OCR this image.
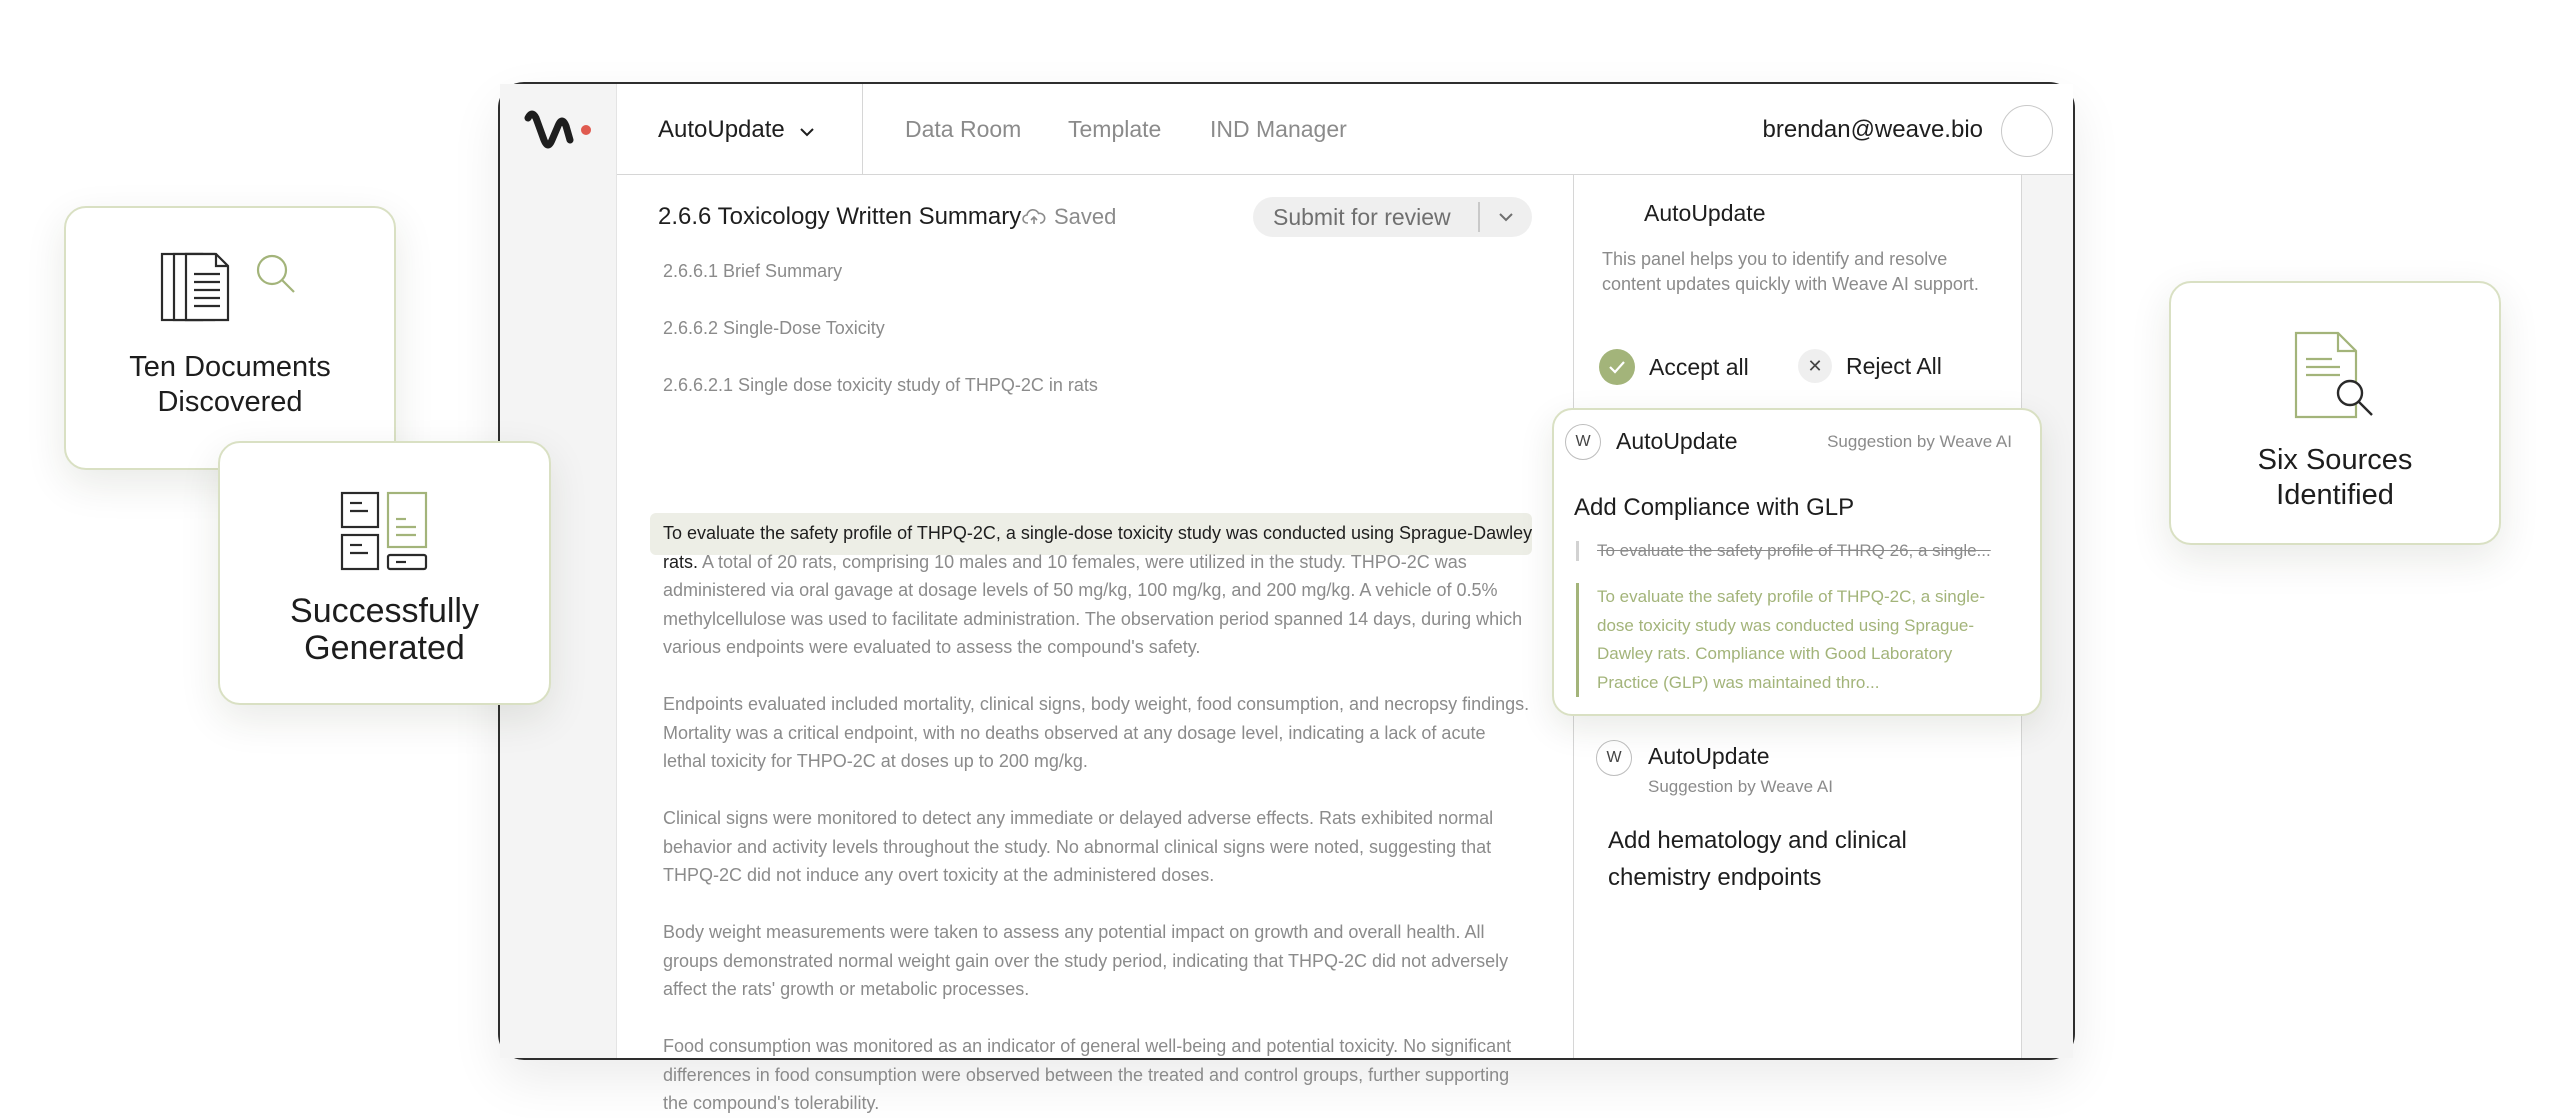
Ten Documents
Discovered
Six Sources
Identified
Successfully
Generated
AutoUpdate	Data Room Template IND Manager	brendan@weave.bio
2.6.6 Toxicology Written Summary Saved	Submit for review
2.6.6.1 Brief Summary
2.6.6.2 Single-Dose Toxicity
2.6.6.2.1 Single dose toxicity study of THPQ-2C in rats
To evaluate the safety profile of THPQ-2C, a single-dose toxicity study was conducted using Sprague-Dawley rats. A total of 20 rats, comprising 10 males and 10 females, were utilized in the study. THPO-2C was administered via oral gavage at dosage levels of 50 mg/kg, 100 mg/kg, and 200 mg/kg. A vehicle of 0.5% methylcellulose was used to facilitate administration. The observation period spanned 14 days, during which various endpoints were evaluated to assess the compound's safety.
Endpoints evaluated included mortality, clinical signs, body weight, food consumption, and necropsy findings. Mortality was a critical endpoint, with no deaths observed at any dosage level, indicating a lack of acute lethal toxicity for THPO-2C at doses up to 200 mg/kg.
Clinical signs were monitored to detect any immediate or delayed adverse effects. Rats exhibited normal behavior and activity levels throughout the study. No abnormal clinical signs were noted, suggesting that THPQ-2C did not induce any overt toxicity at the administered doses.
Body weight measurements were taken to assess any potential impact on growth and overall health. All groups demonstrated normal weight gain over the study period, indicating that THPQ-2C did not adversely affect the rats' growth or metabolic processes.
Food consumption was monitored as an indicator of general well-being and potential toxicity. No significant differences in food consumption were observed between the treated and control groups, further supporting the compound's tolerability.
AutoUpdate
This panel helps you to identify and resolve content updates quickly with Weave AI support.
Accept all	✕	Reject All
W	AutoUpdate	Suggestion by Weave AI
Add Compliance with GLP
To evaluate the safety profile of THRQ 26, a single...
To evaluate the safety profile of THPQ-2C, a single-dose toxicity study was conducted using Sprague-Dawley rats. Compliance with Good Laboratory Practice (GLP) was maintained thro...
W	AutoUpdate
Suggestion by Weave AI
Add hematology and clinical chemistry endpoints
